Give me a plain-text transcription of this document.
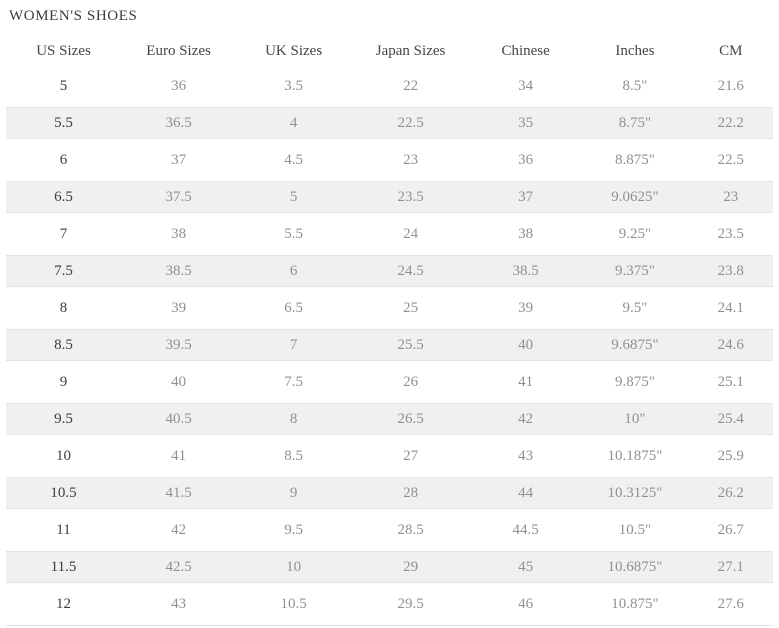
WOMEN'S SHOES
US Sizes	Euro Sizes	UK Sizes	Japan Sizes	Chinese	Inches	CM
5	36	3.5	22	34	8.5"	21.6
5.5	36.5	4	22.5	35	8.75"	22.2
6	37	4.5	23	36	8.875"	22.5
6.5	37.5	5	23.5	37	9.0625"	23
7	38	5.5	24	38	9.25"	23.5
7.5	38.5	6	24.5	38.5	9.375"	23.8
8	39	6.5	25	39	9.5"	24.1
8.5	39.5	7	25.5	40	9.6875"	24.6
9	40	7.5	26	41	9.875"	25.1
9.5	40.5	8	26.5	42	10"	25.4
10	41	8.5	27	43	10.1875"	25.9
10.5	41.5	9	28	44	10.3125"	26.2
11	42	9.5	28.5	44.5	10.5"	26.7
11.5	42.5	10	29	45	10.6875"	27.1
12	43	10.5	29.5	46	10.875"	27.6
